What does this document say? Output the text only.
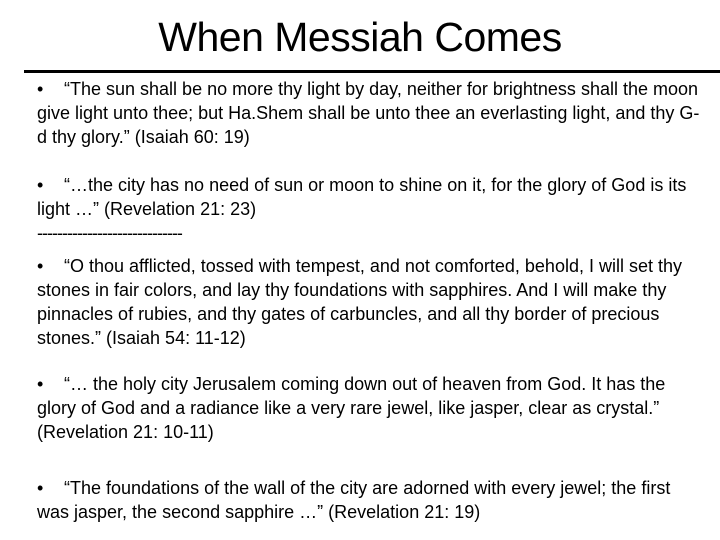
When Messiah Comes
• “The sun shall be no more thy light by day, neither for brightness shall the moon give light unto thee; but Ha.Shem shall be unto thee an everlasting light, and thy G-d thy glory.” (Isaiah 60: 19)
• “…the city has no need of sun or moon to shine on it, for the glory of God is its light …” (Revelation 21: 23)
-----------------------------
• “O thou afflicted, tossed with tempest, and not comforted, behold, I will set thy stones in fair colors, and lay thy foundations with sapphires. And I will make thy pinnacles of rubies, and thy gates of carbuncles, and all thy border of precious stones.” (Isaiah 54: 11-12)
• “… the holy city Jerusalem coming down out of heaven from God. It has the glory of God and a radiance like a very rare jewel, like jasper, clear as crystal.” (Revelation 21: 10-11)
• “The foundations of the wall of the city are adorned with every jewel; the first was jasper, the second sapphire …” (Revelation 21: 19)
